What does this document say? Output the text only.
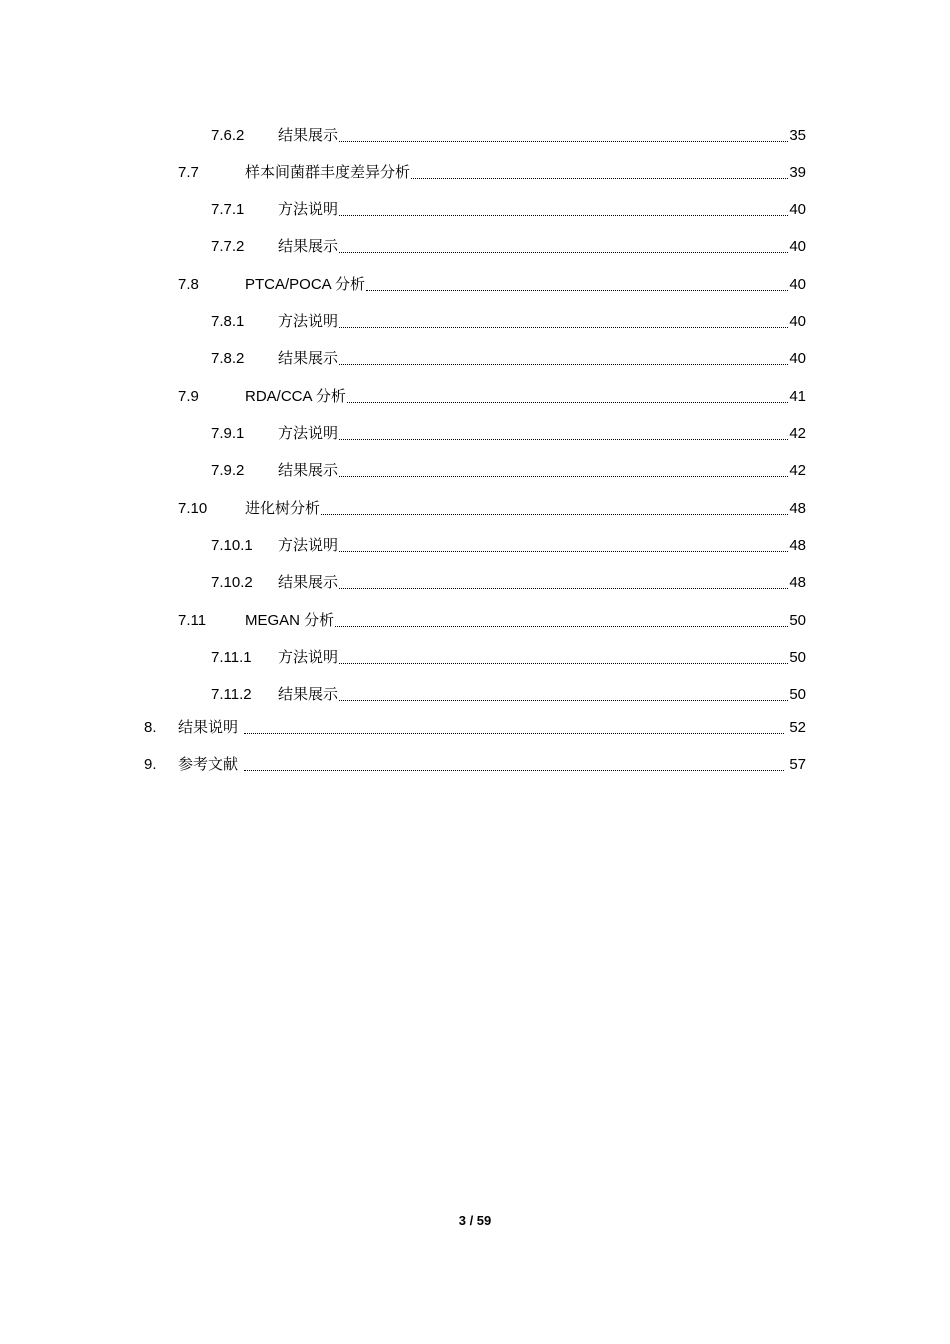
7.6.2	结果展示	35
7.7	样本间菌群丰度差异分析	39
7.7.1	方法说明	40
7.7.2	结果展示	40
7.8	PTCA/POCA 分析	40
7.8.1	方法说明	40
7.8.2	结果展示	40
7.9	RDA/CCA 分析	41
7.9.1	方法说明	42
7.9.2	结果展示	42
7.10	进化树分析	48
7.10.1	方法说明	48
7.10.2	结果展示	48
7.11	MEGAN 分析	50
7.11.1	方法说明	50
7.11.2	结果展示	50
8.	结果说明	52
9.	参考文献	57
3 / 59
